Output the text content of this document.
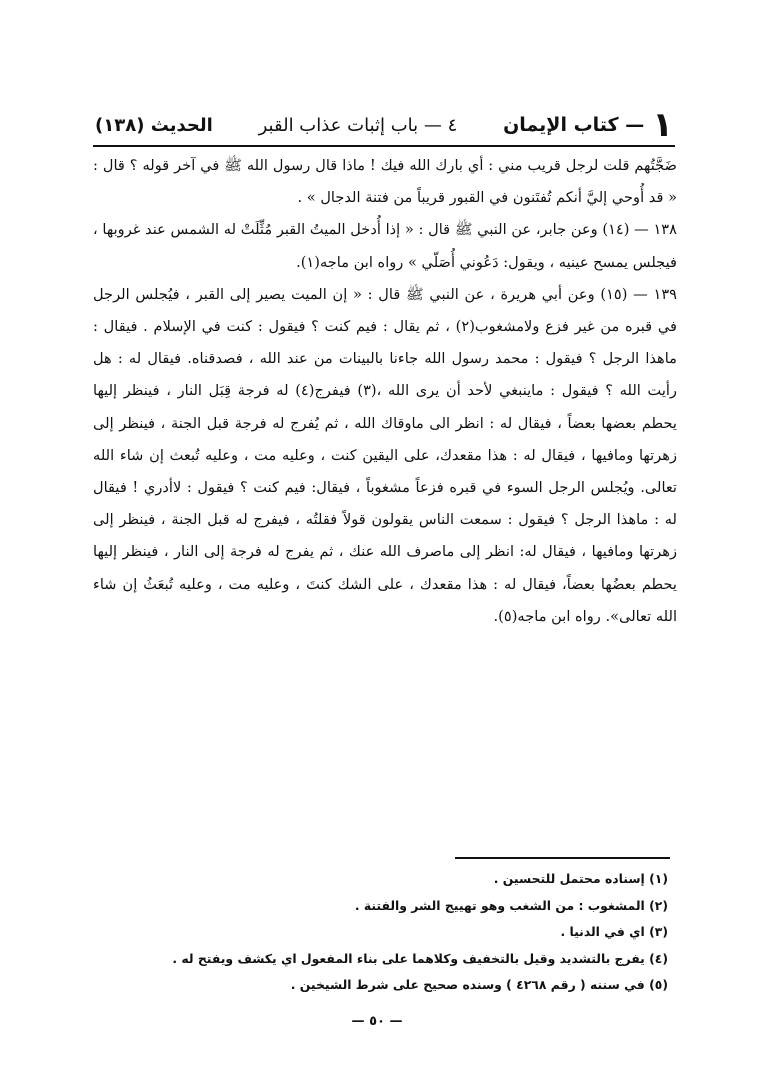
١
— كتاب الإيمان
٤ — باب إثبات عذاب القبر
الحديث (١٣٨)

ضَجَّتُهم قلت لرجل قريب مني : أي بارك الله فيك ! ماذا قال رسول الله ﷺ في آخر قوله ؟ قال : « قد أُوحي إليَّ أنكم تُفتَنون في القبور قريباً من فتنة الدجال » .

١٣٨ — (١٤) وعن جابر، عن النبي ﷺ قال : « إذا أُدخل الميتُ القبر مُثِّلَتْ له الشمس عند غروبها ، فيجلس يمسح عينيه ، ويقول: دَعُوني أُصَلّي » رواه ابن ماجه(١).

١٣٩ — (١٥) وعن أبي هريرة ، عن النبي ﷺ قال : « إن الميت يصير إلى القبر ، فيُجلس الرجل في قبره من غير فزع ولامشغوب(٢) ، ثم يقال : فيم كنت ؟ فيقول : كنت في الإسلام . فيقال : ماهذا الرجل ؟ فيقول : محمد رسول الله جاءنا بالبينات من عند الله ، فصدقناه. فيقال له : هل رأيت الله ؟ فيقول : ماينبغي لأحد أن يرى الله ،(٣) فيفرج(٤) له فرجة قِبَل النار ، فينظر إليها يحطم بعضها بعضاً ، فيقال له : انظر الى ماوقاك الله ، ثم يُفرج له فرجة قبل الجنة ، فينظر إلى زهرتها ومافيها ، فيقال له : هذا مقعدك، على اليقين كنت ، وعليه مت ، وعليه تُبعث إن شاء الله تعالى. ويُجلس الرجل السوء في قبره فزعاً مشغوباً ، فيقال: فيم كنت ؟ فيقول : لاأدري ! فيقال له : ماهذا الرجل ؟ فيقول : سمعت الناس يقولون قولاً فقلتُه ، فيفرج له قبل الجنة ، فينظر إلى زهرتها ومافيها ، فيقال له: انظر إلى ماصرف الله عنك ، ثم يفرج له فرجة إلى النار ، فينظر إليها يحطم بعضُها بعضاً، فيقال له : هذا مقعدك ، على الشك كنتَ ، وعليه مت ، وعليه تُبعَثُ إن شاء الله تعالى». رواه ابن ماجه(٥).

(١) إسناده محتمل للتحسين .
(٢) المشغوب : من الشغب وهو تهييج الشر والفتنة .
(٣) اي في الدنيا .
(٤) يفرج بالتشديد وقيل بالتخفيف وكلاهما على بناء المفعول اي يكشف ويفتح له .
(٥) في سننه ( رقم ٤٢٦٨ ) وسنده صحيح على شرط الشيخين .
— ٥٠ —
